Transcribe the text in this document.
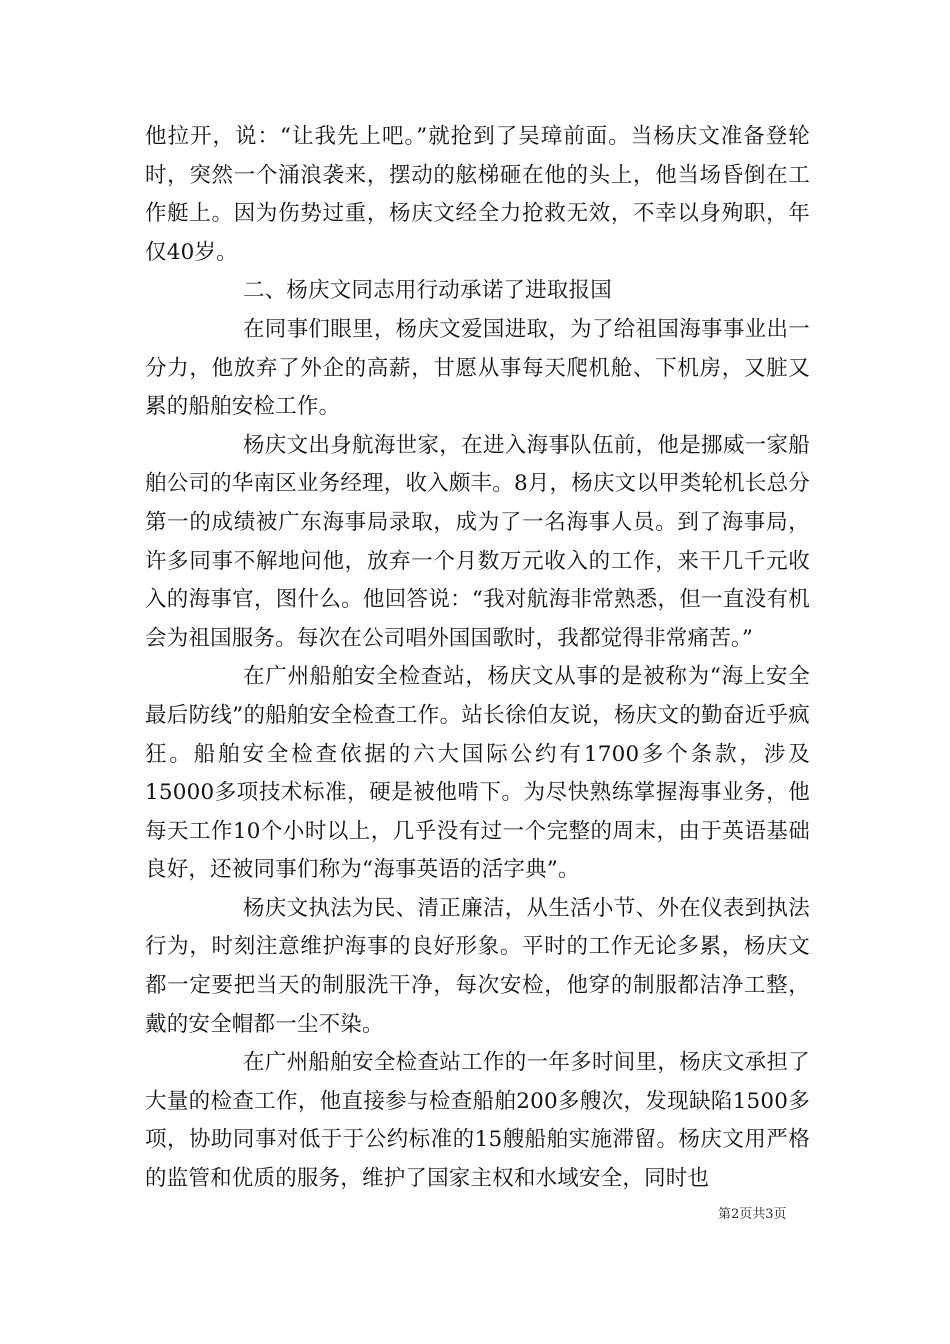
他拉开，说：“让我先上吧。”就抢到了吴璋前面。当杨庆文准备登轮时，突然一个涌浪袭来，摆动的舷梯砸在他的头上，他当场昏倒在工作艇上。因为伤势过重，杨庆文经全力抢救无效，不幸以身殉职，年仅40岁。

二、杨庆文同志用行动承诺了进取报国

在同事们眼里，杨庆文爱国进取，为了给祖国海事事业出一分力，他放弃了外企的高薪，甘愿从事每天爬机舱、下机房，又脏又累的船舶安检工作。

杨庆文出身航海世家，在进入海事队伍前，他是挪威一家船舶公司的华南区业务经理，收入颇丰。8月，杨庆文以甲类轮机长总分第一的成绩被广东海事局录取，成为了一名海事人员。到了海事局，许多同事不解地问他，放弃一个月数万元收入的工作，来干几千元收入的海事官，图什么。他回答说：“我对航海非常熟悉，但一直没有机会为祖国服务。每次在公司唱外国国歌时，我都觉得非常痛苦。”

在广州船舶安全检查站，杨庆文从事的是被称为“海上安全最后防线”的船舶安全检查工作。站长徐伯友说，杨庆文的勤奋近乎疯狂。船舶安全检查依据的六大国际公约有1700多个条款，涉及15000多项技术标准，硬是被他啃下。为尽快熟练掌握海事业务，他每天工作10个小时以上，几乎没有过一个完整的周末，由于英语基础良好，还被同事们称为“海事英语的活字典”。

杨庆文执法为民、清正廉洁，从生活小节、外在仪表到执法行为，时刻注意维护海事的良好形象。平时的工作无论多累，杨庆文都一定要把当天的制服洗干净，每次安检，他穿的制服都洁净工整，戴的安全帽都一尘不染。

在广州船舶安全检查站工作的一年多时间里，杨庆文承担了大量的检查工作，他直接参与检查船舶200多艘次，发现缺陷1500多项，协助同事对低于于公约标准的15艘船舶实施滞留。杨庆文用严格的监管和优质的服务，维护了国家主权和水域安全，同时也

第2页共3页
